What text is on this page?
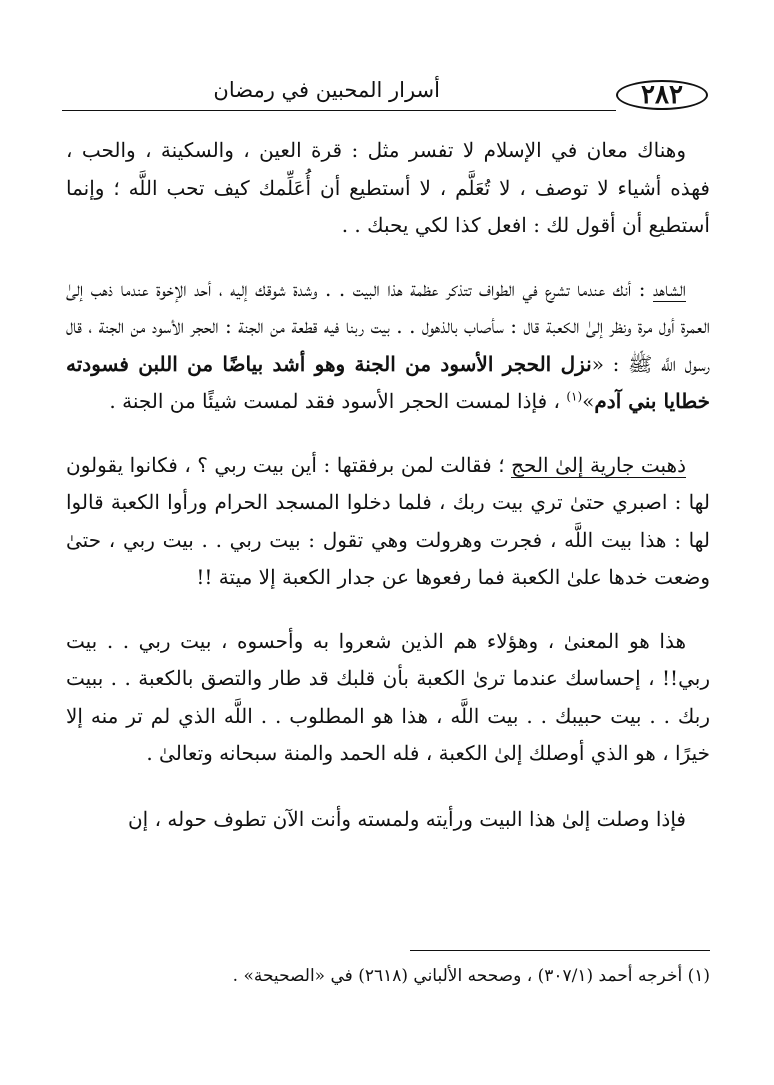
٢٨٢
أسرار المحبين في رمضان

وهناك معان في الإسلام لا تفسر مثل : قرة العين ، والسكينة ، والحب ، فهذه أشياء لا توصف ، لا تُعَلَّم ، لا أستطيع أن أُعَلِّمك كيف تحب اللَّه ؛ وإنما أستطيع أن أقول لك : افعل كذا لكي يحبك . .

الشاهد : أنك عندما تشرع في الطواف تتذكر عظمة هذا البيت . . وشدة شوقك إليه ، أحد الإخوة عندما ذهب إلىٰ العمرة أول مرة ونظر إلىٰ الكعبة قال : سأصاب بالذهول . . بيت ربنا فيه قطعة من الجنة : الحجر الأسود من الجنة ، قال رسول اللَّه ﷺ : «نزل الحجر الأسود من الجنة وهو أشد بياضًا من اللبن فسودته خطايا بني آدم»$^{(١)}$ ، فإذا لمست الحجر الأسود فقد لمست شيئًا من الجنة .

ذهبت جارية إلىٰ الحج ؛ فقالت لمن برفقتها : أين بيت ربي ؟ ، فكانوا يقولون لها : اصبري حتىٰ تري بيت ربك ، فلما دخلوا المسجد الحرام ورأوا الكعبة قالوا لها : هذا بيت اللَّه ، فجرت وهرولت وهي تقول : بيت ربي . . بيت ربي ، حتىٰ وضعت خدها علىٰ الكعبة فما رفعوها عن جدار الكعبة إلا ميتة !!

هذا هو المعنىٰ ، وهؤلاء هم الذين شعروا به وأحسوه ، بيت ربي . . بيت ربي!! ، إحساسك عندما ترىٰ الكعبة بأن قلبك قد طار والتصق بالكعبة . . ببيت ربك . . بيت حبيبك . . بيت اللَّه ، هذا هو المطلوب . . اللَّه الذي لم تر منه إلا خيرًا ، هو الذي أوصلك إلىٰ الكعبة ، فله الحمد والمنة سبحانه وتعالىٰ .

فإذا وصلت إلىٰ هذا البيت ورأيته ولمسته وأنت الآن تطوف حوله ، إن

(١) أخرجه أحمد (٣٠٧/١) ، وصححه الألباني (٢٦١٨) في «الصحيحة» .
